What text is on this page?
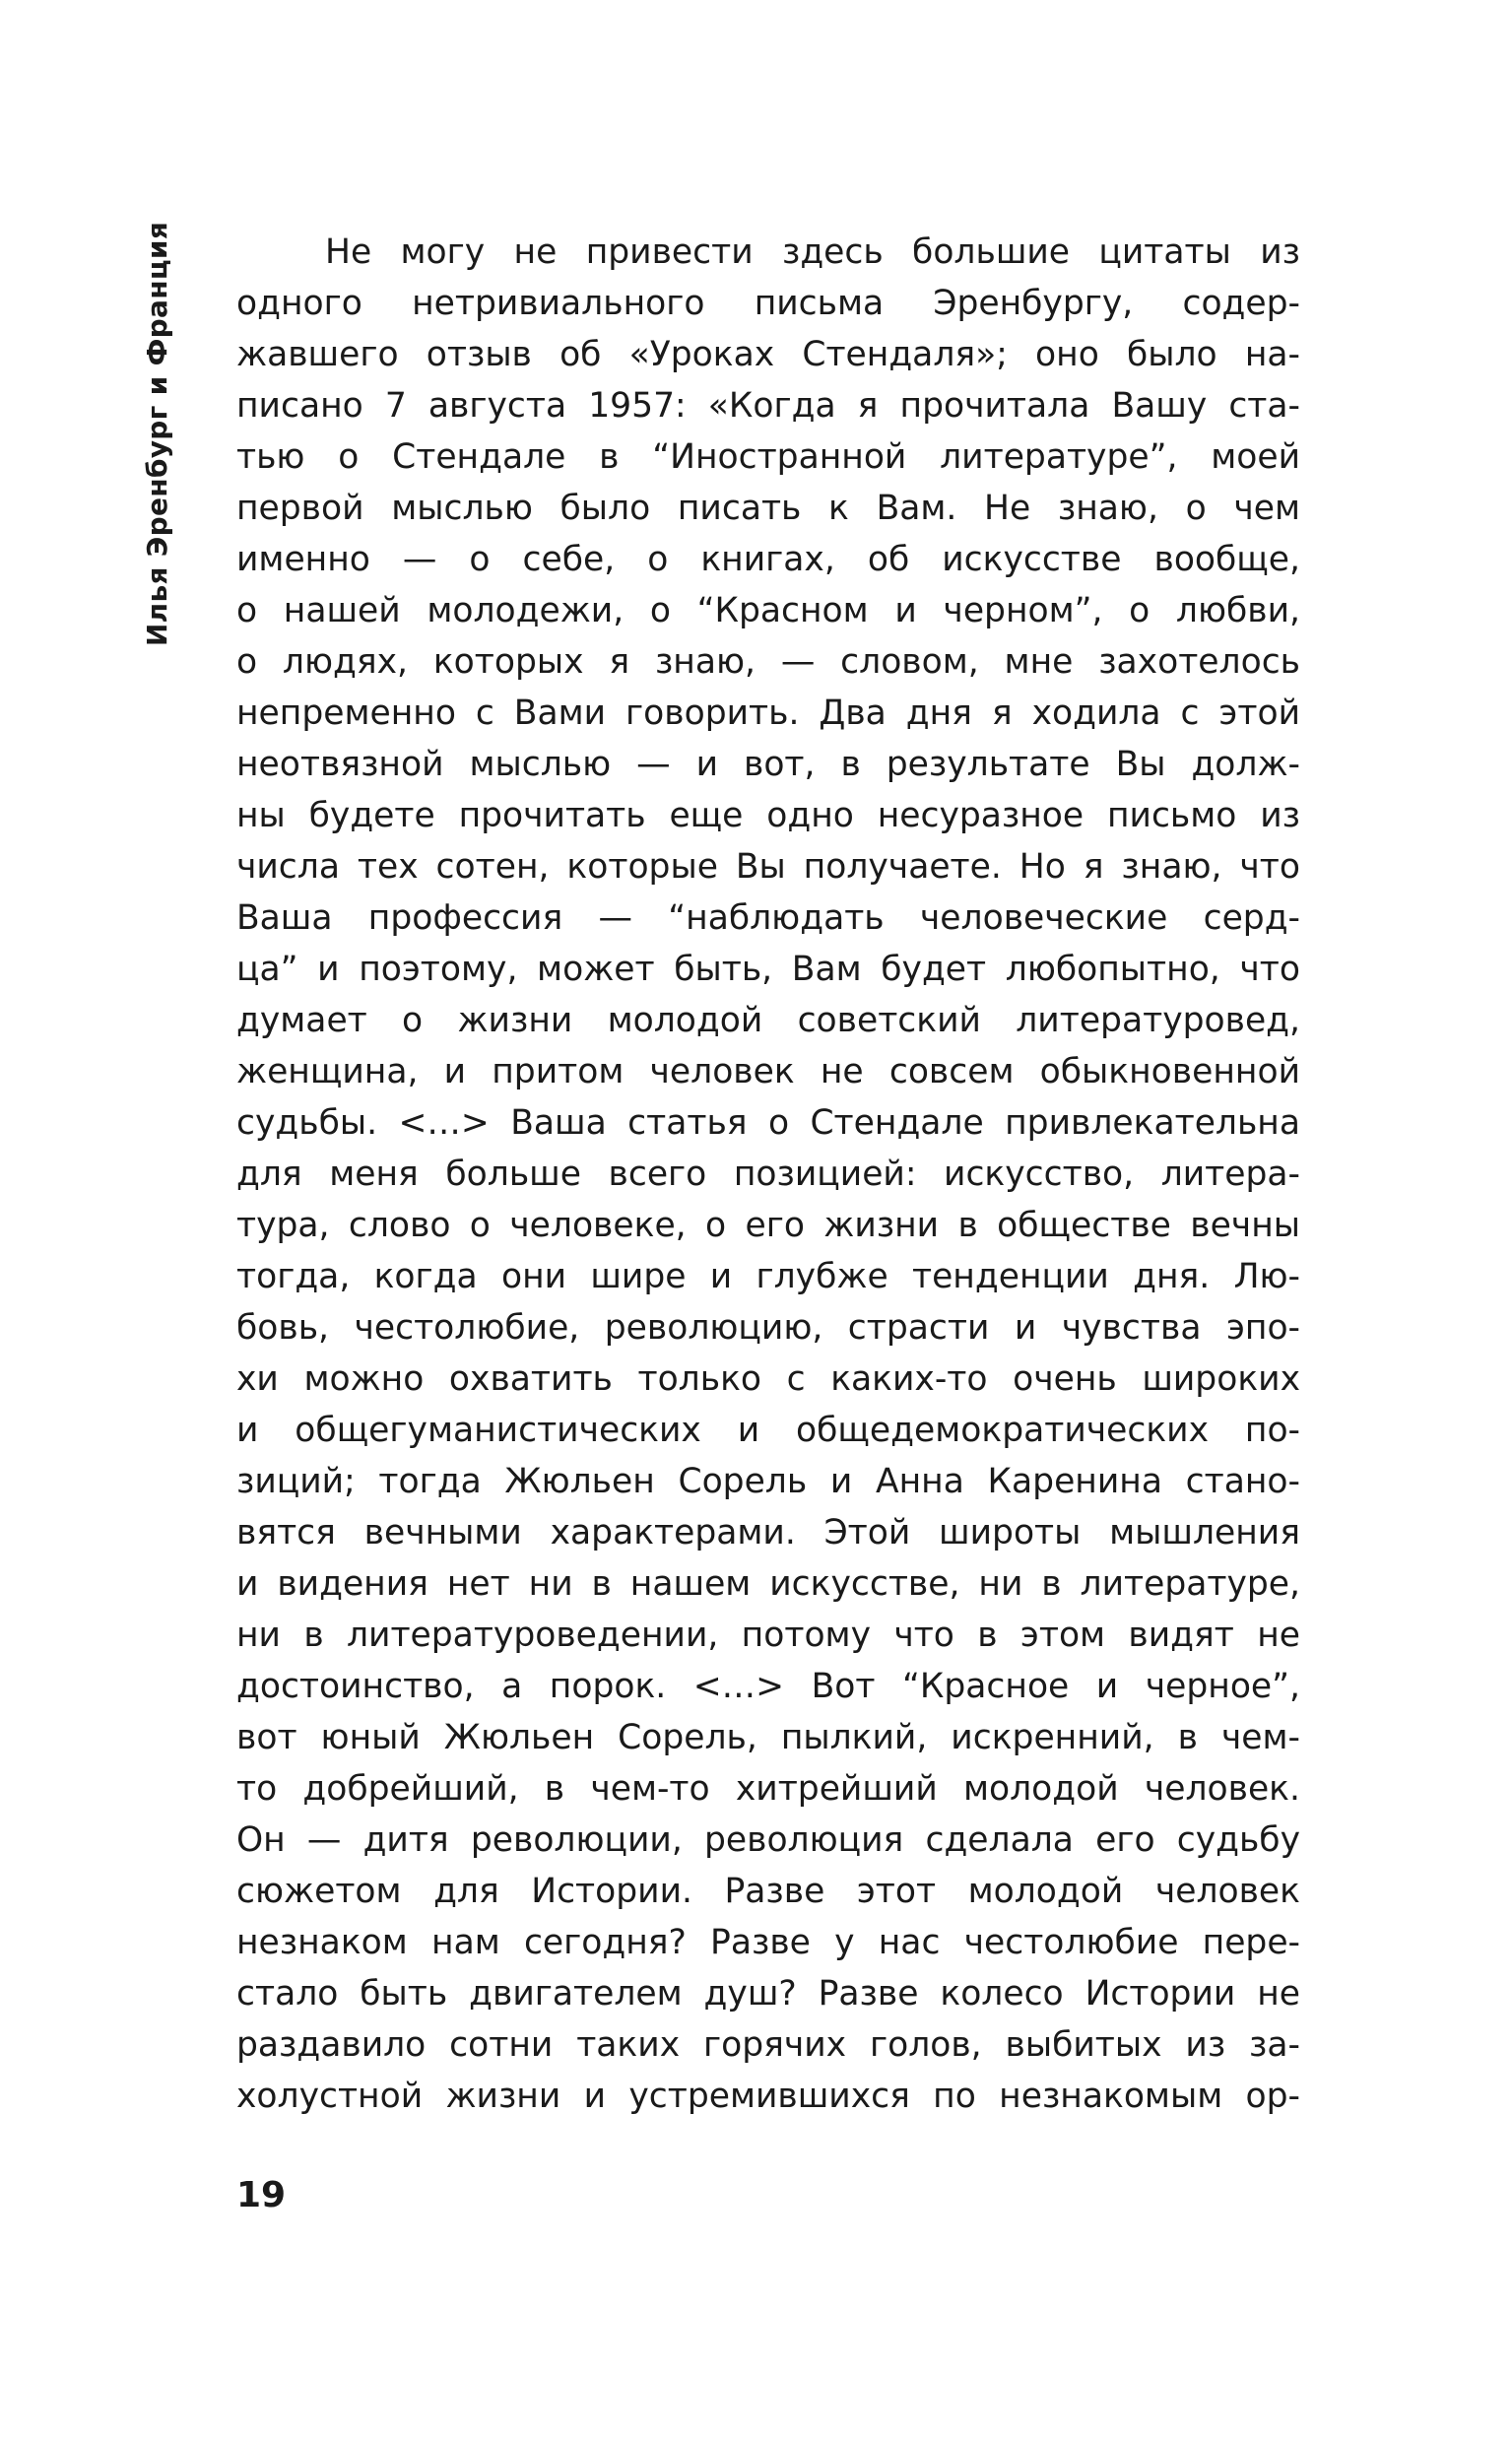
Илья Эренбург и Франция	Не могу не привести здесь большие цитаты из
одного нетривиального письма Эренбургу, содер-
жавшего отзыв об «Уроках Стендаля»; оно было на-
писано 7 августа 1957: «Когда я прочитала Вашу ста-
тью о Стендале в “Иностранной литературе”, моей
первой мыслью было писать к Вам. Не знаю, о чем
именно — о себе, о книгах, об искусстве вообще,
о нашей молодежи, о “Красном и черном”, о любви,
о людях, которых я знаю, — словом, мне захотелось
непременно с Вами говорить. Два дня я ходила с этой
неотвязной мыслью — и вот, в результате Вы долж-
ны будете прочитать еще одно несуразное письмо из
числа тех сотен, которые Вы получаете. Но я знаю, что
Ваша профессия — “наблюдать человеческие серд-
ца” и поэтому, может быть, Вам будет любопытно, что
думает о жизни молодой советский литературовед,
женщина, и притом человек не совсем обыкновенной
судьбы. <…> Ваша статья о Стендале привлекательна
для меня больше всего позицией: искусство, литера-
тура, слово о человеке, о его жизни в обществе вечны
тогда, когда они шире и глубже тенденции дня. Лю-
бовь, честолюбие, революцию, страсти и чувства эпо-
хи можно охватить только с каких-то очень широких
и общегуманистических и общедемократических по-
зиций; тогда Жюльен Сорель и Анна Каренина стано-
вятся вечными характерами. Этой широты мышления
и видения нет ни в нашем искусстве, ни в литературе,
ни в литературоведении, потому что в этом видят не
достоинство, а порок. <…> Вот “Красное и черное”,
вот юный Жюльен Сорель, пылкий, искренний, в чем-
то добрейший, в чем-то хитрейший молодой человек.
Он — дитя революции, революция сделала его судьбу
сюжетом для Истории. Разве этот молодой человек
незнаком нам сегодня? Разве у нас честолюбие пере-
стало быть двигателем душ? Разве колесо Истории не
раздавило сотни таких горячих голов, выбитых из за-
холустной жизни и устремившихся по незнакомым ор-
19
